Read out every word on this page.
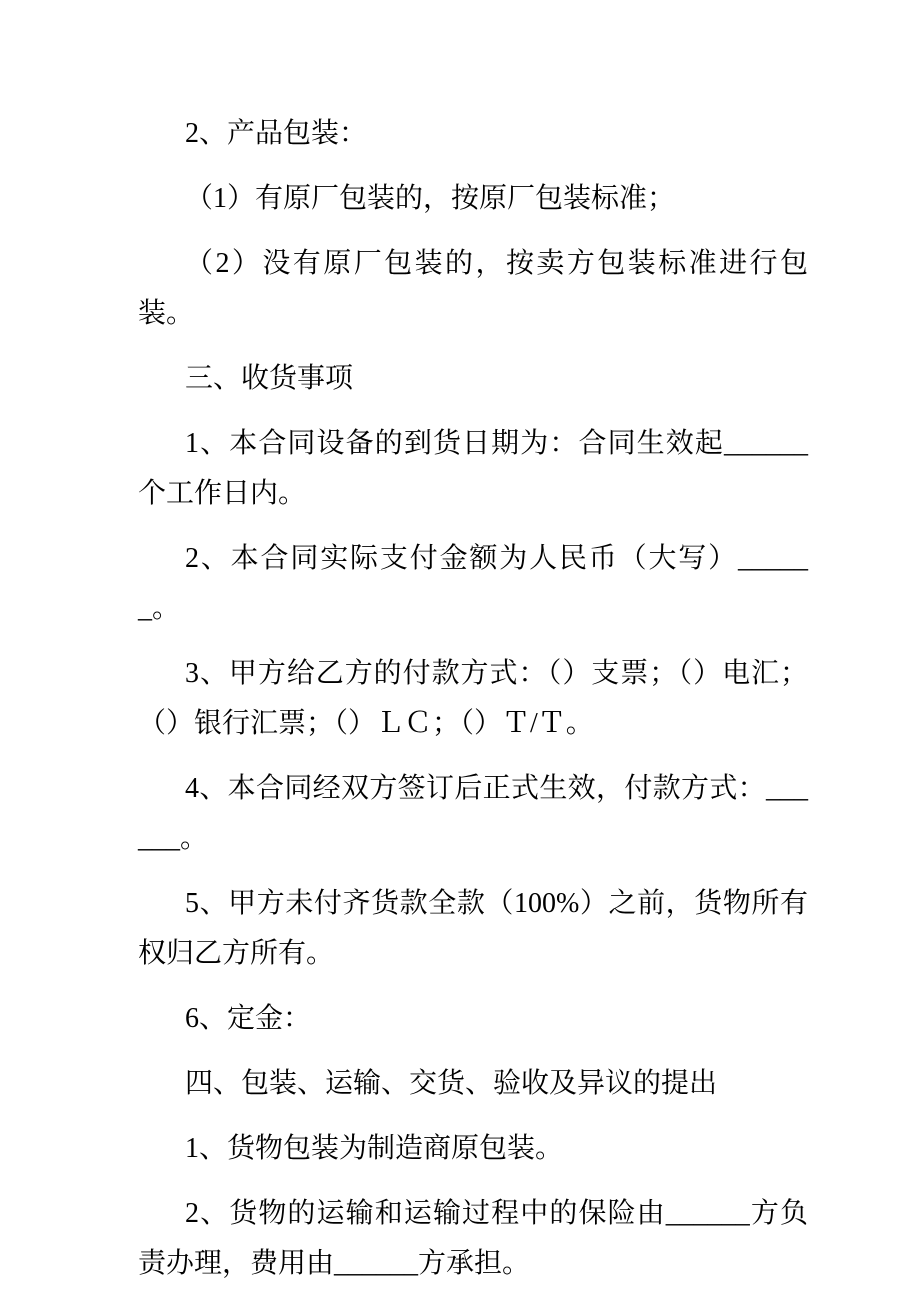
2、产品包装：

（1）有原厂包装的，按原厂包装标准；

（2）没有原厂包装的，按卖方包装标准进行包装。

三、收货事项

1、本合同设备的到货日期为：合同生效起______个工作日内。

2、本合同实际支付金额为人民币（大写）______。

3、甲方给乙方的付款方式：（）支票；（）电汇；（）银行汇票；（）ＬＣ；（）Ｔ/Ｔ。

4、本合同经双方签订后正式生效，付款方式：______。

5、甲方未付齐货款全款（100%）之前，货物所有权归乙方所有。

6、定金：

四、包装、运输、交货、验收及异议的提出

1、货物包装为制造商原包装。

2、货物的运输和运输过程中的保险由______方负责办理，费用由______方承担。
